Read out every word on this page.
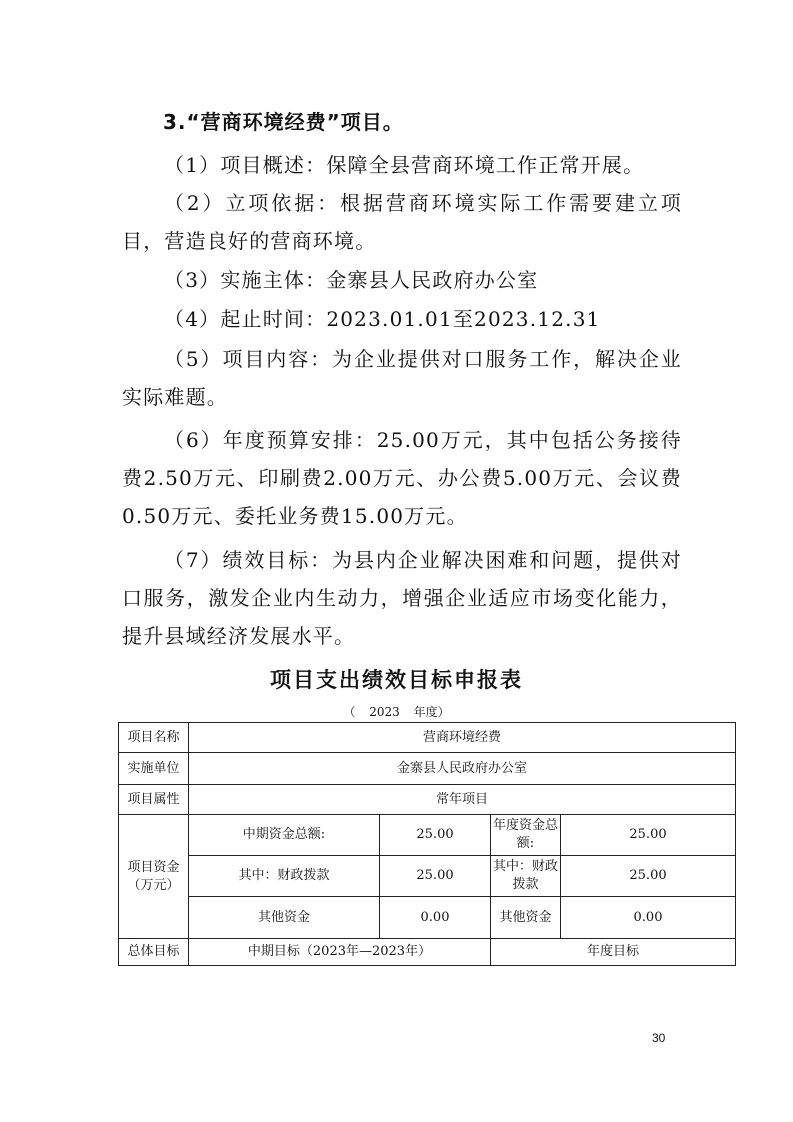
3.“营商环境经费”项目。

（1）项目概述：保障全县营商环境工作正常开展。

（2）立项依据：根据营商环境实际工作需要建立项目，营造良好的营商环境。

（3）实施主体：金寨县人民政府办公室

（4）起止时间：2023.01.01至2023.12.31

（5）项目内容：为企业提供对口服务工作，解决企业实际难题。

（6）年度预算安排：25.00万元，其中包括公务接待费2.50万元、印刷费2.00万元、办公费5.00万元、会议费0.50万元、委托业务费15.00万元。

（7）绩效目标：为县内企业解决困难和问题，提供对口服务，激发企业内生动力，增强企业适应市场变化能力，提升县域经济发展水平。

项目支出绩效目标申报表

（ 2023 年度）
项目名称	营商环境经费			
实施单位	金寨县人民政府办公室			
项目属性	常年项目			
项目资金（万元）	中期资金总额:	25.00	年度资金总额:	25.00
	其中：财政拨款	25.00	其中：财政拨款	25.00
	其他资金	0.00	其他资金	0.00
总体目标	中期目标（2023年—2023年）		年度目标	
30
